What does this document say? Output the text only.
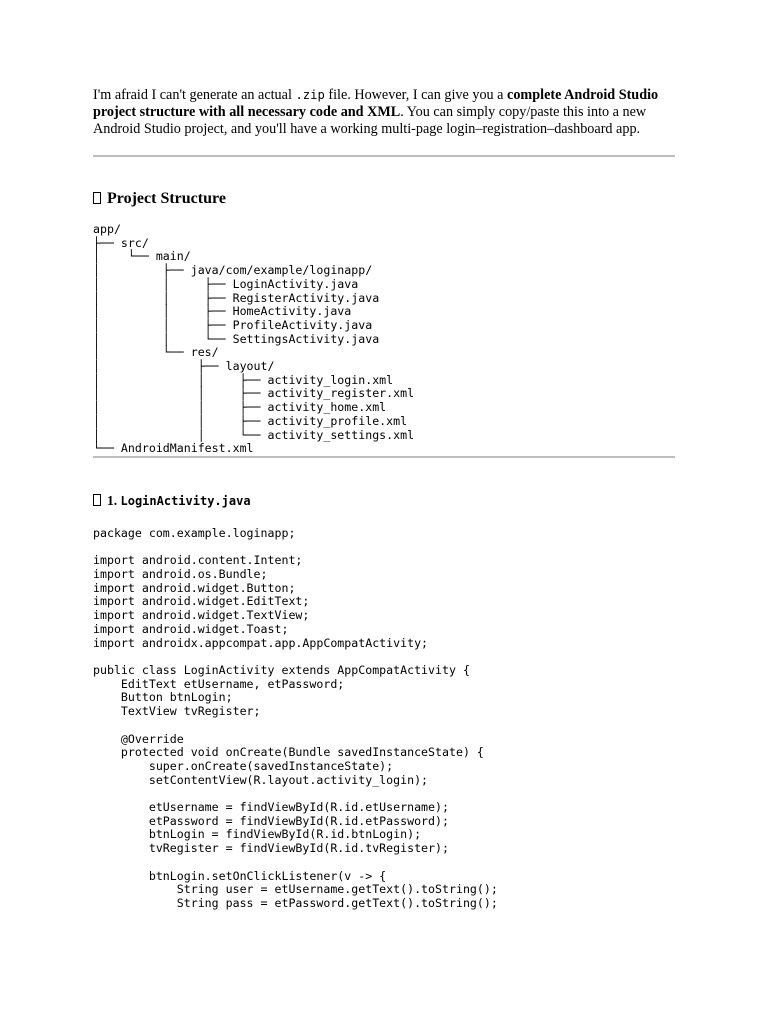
I'm afraid I can't generate an actual .zip file. However, I can give you a complete Android Studio project structure with all necessary code and XML. You can simply copy/paste this into a new Android Studio project, and you'll have a working multi-page login–registration–dashboard app.

Project Structure
app/
├── src/
│    └── main/
│         ├── java/com/example/loginapp/
│         │     ├── LoginActivity.java
│         │     ├── RegisterActivity.java
│         │     ├── HomeActivity.java
│         │     ├── ProfileActivity.java
│         │     └── SettingsActivity.java
│         └── res/
│              ├── layout/
│              │     ├── activity_login.xml
│              │     ├── activity_register.xml
│              │     ├── activity_home.xml
│              │     ├── activity_profile.xml
│              │     └── activity_settings.xml
└── AndroidManifest.xml
1. LoginActivity.java
package com.example.loginapp;

import android.content.Intent;
import android.os.Bundle;
import android.widget.Button;
import android.widget.EditText;
import android.widget.TextView;
import android.widget.Toast;
import androidx.appcompat.app.AppCompatActivity;

public class LoginActivity extends AppCompatActivity {
EditText etUsername, etPassword;
Button btnLogin;
TextView tvRegister;

@Override
protected void onCreate(Bundle savedInstanceState) {
super.onCreate(savedInstanceState);
setContentView(R.layout.activity_login);

etUsername = findViewById(R.id.etUsername);
etPassword = findViewById(R.id.etPassword);
btnLogin = findViewById(R.id.btnLogin);
tvRegister = findViewById(R.id.tvRegister);

btnLogin.setOnClickListener(v -> {
String user = etUsername.getText().toString();
String pass = etPassword.getText().toString();
